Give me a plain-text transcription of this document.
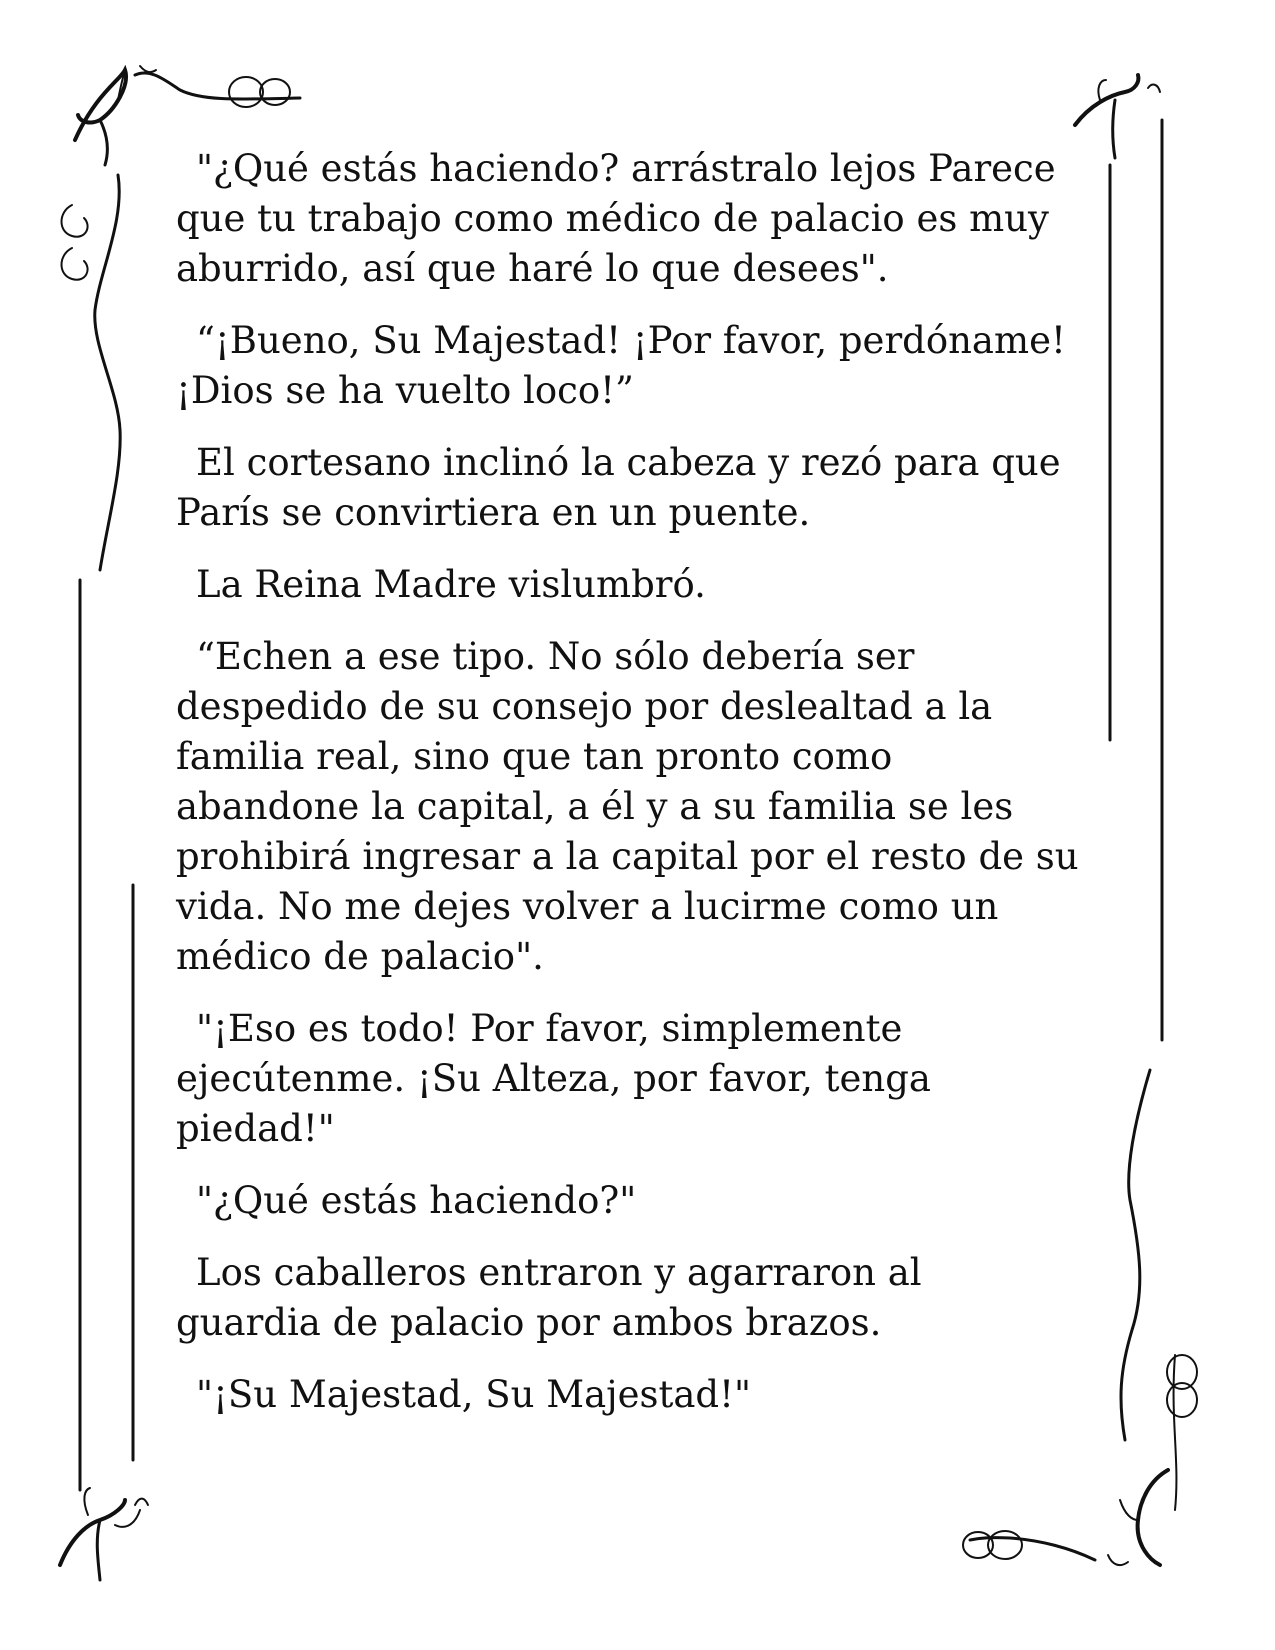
"¿Qué estás haciendo? arrástralo lejos Parece
que tu trabajo como médico de palacio es muy
aburrido, así que haré lo que desees".

“¡Bueno, Su Majestad! ¡Por favor, perdóname!
¡Dios se ha vuelto loco!”

El cortesano inclinó la cabeza y rezó para que
París se convirtiera en un puente.

La Reina Madre vislumbró.

“Echen a ese tipo. No sólo debería ser
despedido de su consejo por deslealtad a la
familia real, sino que tan pronto como
abandone la capital, a él y a su familia se les
prohibirá ingresar a la capital por el resto de su
vida. No me dejes volver a lucirme como un
médico de palacio".

"¡Eso es todo! Por favor, simplemente
ejecútenme. ¡Su Alteza, por favor, tenga
piedad!"

"¿Qué estás haciendo?"

Los caballeros entraron y agarraron al
guardia de palacio por ambos brazos.

"¡Su Majestad, Su Majestad!"
